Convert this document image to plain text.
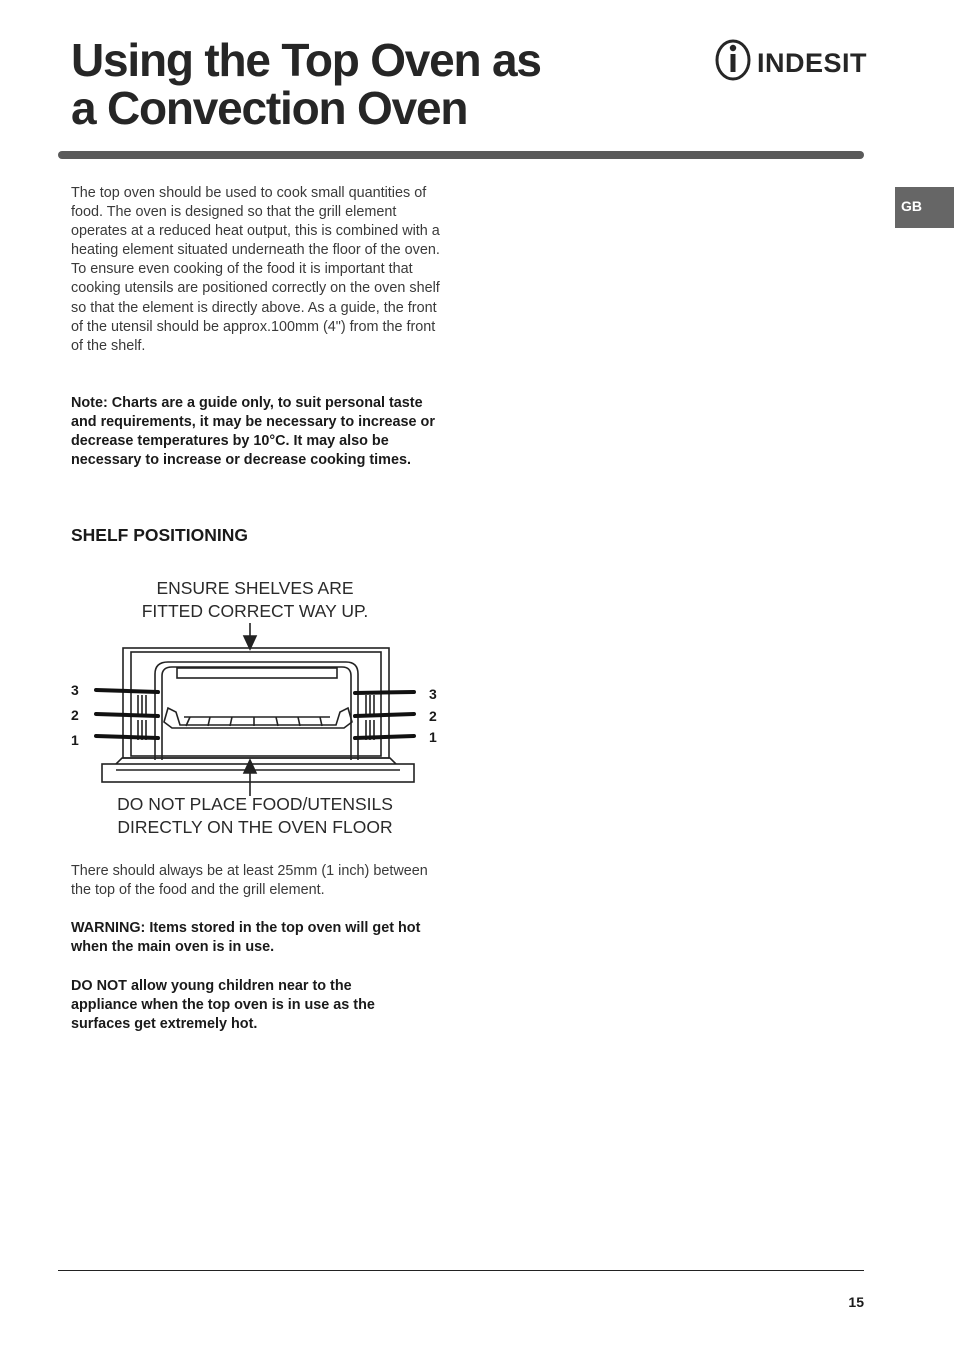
Using the Top Oven as
a Convection Oven
INDESIT
GB

The top oven should be used to cook small quantities of food. The oven is designed so that the grill element operates at a reduced heat output, this is combined with a heating element situated underneath the floor of the oven. To ensure even cooking of the food it is important that cooking utensils are positioned correctly on the oven shelf so that the element is directly above. As a guide, the front of the utensil should be approx.100mm (4") from the front of the shelf.

Note: Charts are a guide only, to suit personal taste and requirements, it may be necessary to increase or decrease temperatures by 10°C. It may also be necessary to increase or decrease cooking times.

SHELF POSITIONING
ENSURE SHELVES ARE
FITTED CORRECT WAY UP.
3
2
1
3
2
1
DO NOT PLACE FOOD/UTENSILS
DIRECTLY ON THE OVEN FLOOR

There should always be at least 25mm (1 inch) between the top of the food and the grill element.

WARNING: Items stored in the top oven will get hot when the main oven is in use.

DO NOT allow young children near to the appliance when the top oven is in use as the surfaces get extremely hot.

15
